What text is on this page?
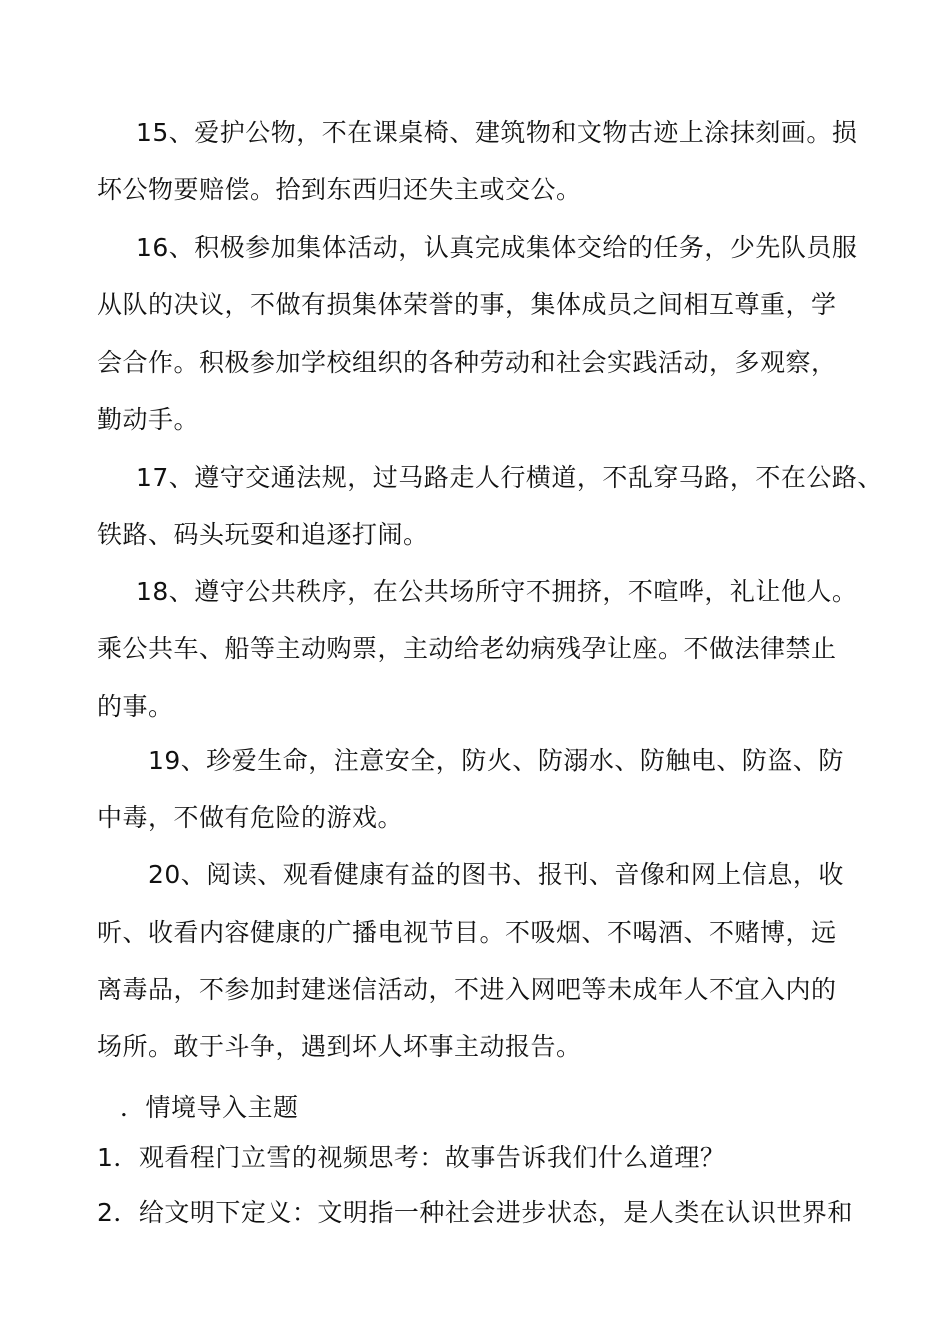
15、爱护公物，不在课桌椅、建筑物和文物古迹上涂抹刻画。损
坏公物要赔偿。拾到东西归还失主或交公。
16、积极参加集体活动，认真完成集体交给的任务，少先队员服
从队的决议，不做有损集体荣誉的事，集体成员之间相互尊重，学
会合作。积极参加学校组织的各种劳动和社会实践活动，多观察，
勤动手。
17、遵守交通法规，过马路走人行横道，不乱穿马路，不在公路、
铁路、码头玩耍和追逐打闹。
18、遵守公共秩序，在公共场所守不拥挤，不喧哗，礼让他人。
乘公共车、船等主动购票，主动给老幼病残孕让座。不做法律禁止
的事。
19、珍爱生命，注意安全，防火、防溺水、防触电、防盗、防
中毒，不做有危险的游戏。
20、阅读、观看健康有益的图书、报刊、音像和网上信息，收
听、收看内容健康的广播电视节目。不吸烟、不喝酒、不赌博，远
离毒品，不参加封建迷信活动，不进入网吧等未成年人不宜入内的
场所。敢于斗争，遇到坏人坏事主动报告。
．情境导入主题
1．观看程门立雪的视频思考：故事告诉我们什么道理？
2．给文明下定义：文明指一种社会进步状态，是人类在认识世界和
